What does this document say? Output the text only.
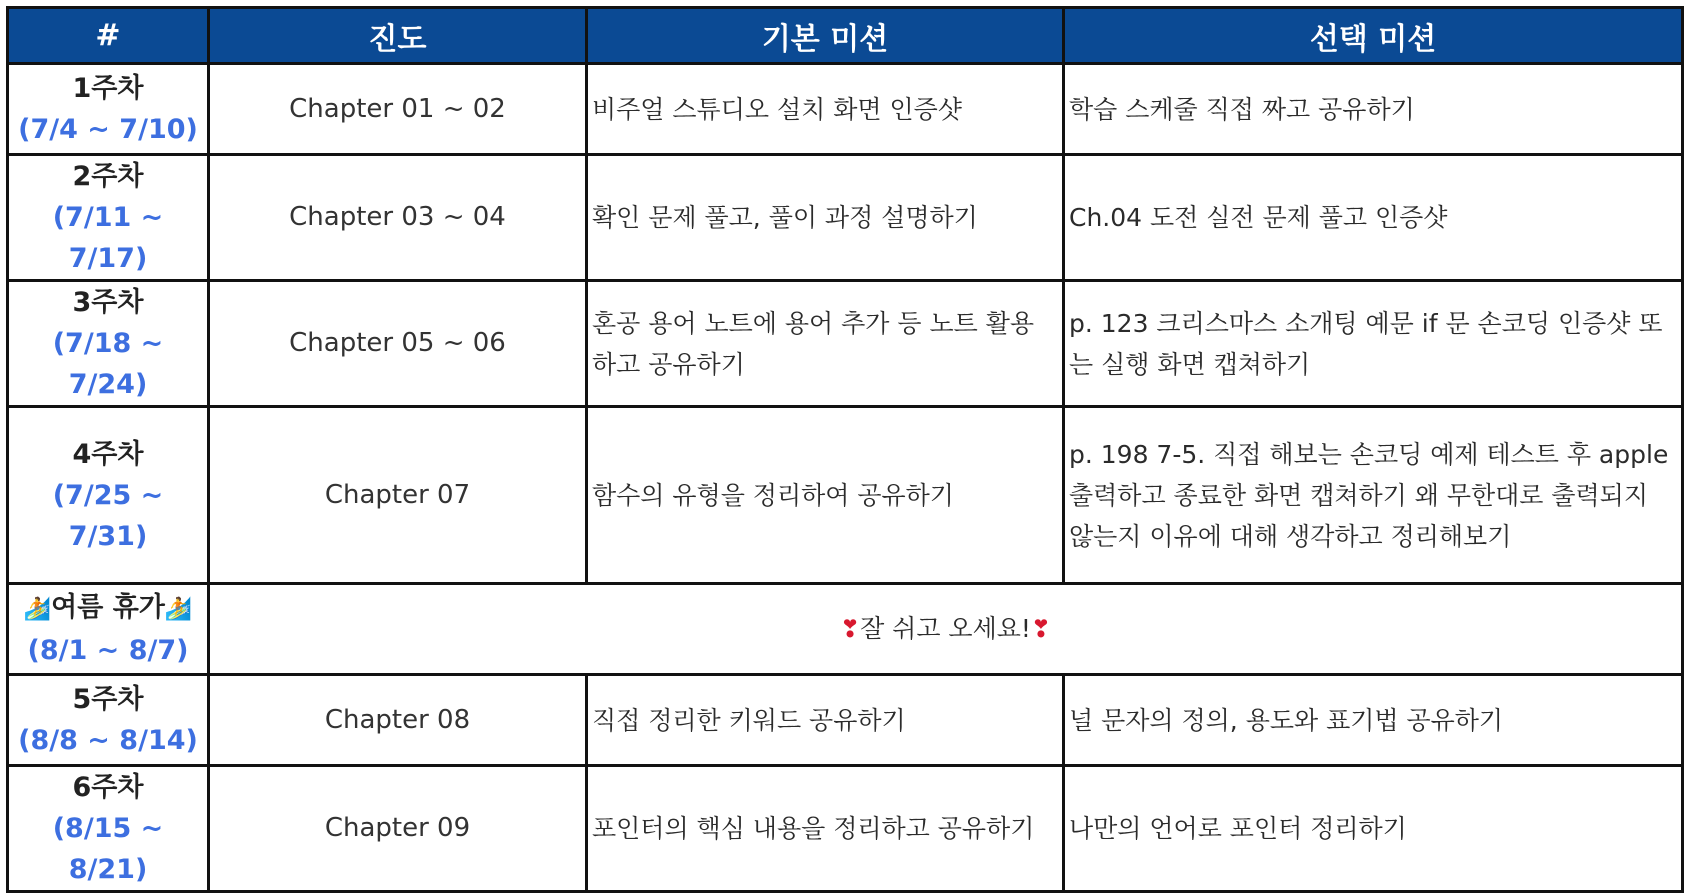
#	진도	기본 미션	선택 미션

1주차
(7/4 ~ 7/10)	Chapter 01 ~ 02	비주얼 스튜디오 설치 화면 인증샷	학습 스케줄 직접 짜고 공유하기

2주차
(7/11 ~ 7/17)	Chapter 03 ~ 04	확인 문제 풀고, 풀이 과정 설명하기	Ch.04 도전 실전 문제 풀고 인증샷

3주차
(7/18 ~ 7/24)	Chapter 05 ~ 06	혼공 용어 노트에 용어 추가 등 노트 활용하고 공유하기	p. 123 크리스마스 소개팅 예문 if 문 손코딩 인증샷 또는 실행 화면 캡쳐하기

4주차
(7/25 ~ 7/31)	Chapter 07	함수의 유형을 정리하여 공유하기	p. 198 7-5. 직접 해보는 손코딩 예제 테스트 후 apple 출력하고 종료한 화면 캡쳐하기 왜 무한대로 출력되지 않는지 이유에 대해 생각하고 정리해보기

🏄여름 휴가🏄
(8/1 ~ 8/7)	❣잘 쉬고 오세요!❣		

5주차
(8/8 ~ 8/14)	Chapter 08	직접 정리한 키워드 공유하기	널 문자의 정의, 용도와 표기법 공유하기

6주차
(8/15 ~ 8/21)	Chapter 09	포인터의 핵심 내용을 정리하고 공유하기	나만의 언어로 포인터 정리하기
